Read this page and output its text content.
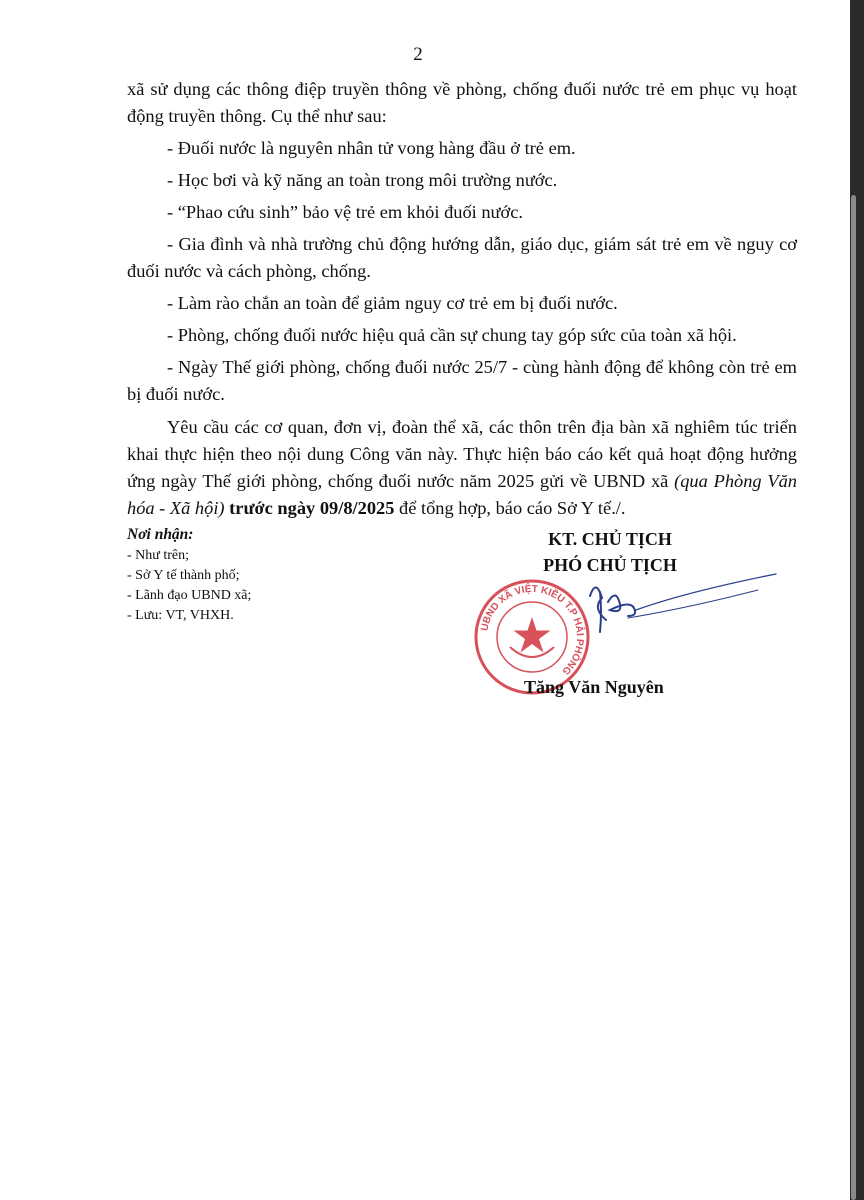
2

xã sử dụng các thông điệp truyền thông về phòng, chống đuối nước trẻ em phục vụ hoạt động truyền thông. Cụ thể như sau:

- Đuối nước là nguyên nhân tử vong hàng đầu ở trẻ em.

- Học bơi và kỹ năng an toàn trong môi trường nước.

- “Phao cứu sinh” bảo vệ trẻ em khỏi đuối nước.

- Gia đình và nhà trường chủ động hướng dẫn, giáo dục, giám sát trẻ em về nguy cơ đuối nước và cách phòng, chống.

- Làm rào chắn an toàn để giảm nguy cơ trẻ em bị đuối nước.

- Phòng, chống đuối nước hiệu quả cần sự chung tay góp sức của toàn xã hội.

- Ngày Thế giới phòng, chống đuối nước 25/7 - cùng hành động để không còn trẻ em bị đuối nước.

Yêu cầu các cơ quan, đơn vị, đoàn thể xã, các thôn trên địa bàn xã nghiêm túc triển khai thực hiện theo nội dung Công văn này. Thực hiện báo cáo kết quả hoạt động hưởng ứng ngày Thế giới phòng, chống đuối nước năm 2025 gửi về UBND xã (qua Phòng Văn hóa - Xã hội) trước ngày 09/8/2025 để tổng hợp, báo cáo Sở Y tế./.

Nơi nhận:
- Như trên;
- Sở Y tế thành phố;
- Lãnh đạo UBND xã;
- Lưu: VT, VHXH.
KT. CHỦ TỊCH
PHÓ CHỦ TỊCH
UBND XÃ VIỆT KIỀU T.P HẢI PHÒNG
Tăng Văn Nguyên
